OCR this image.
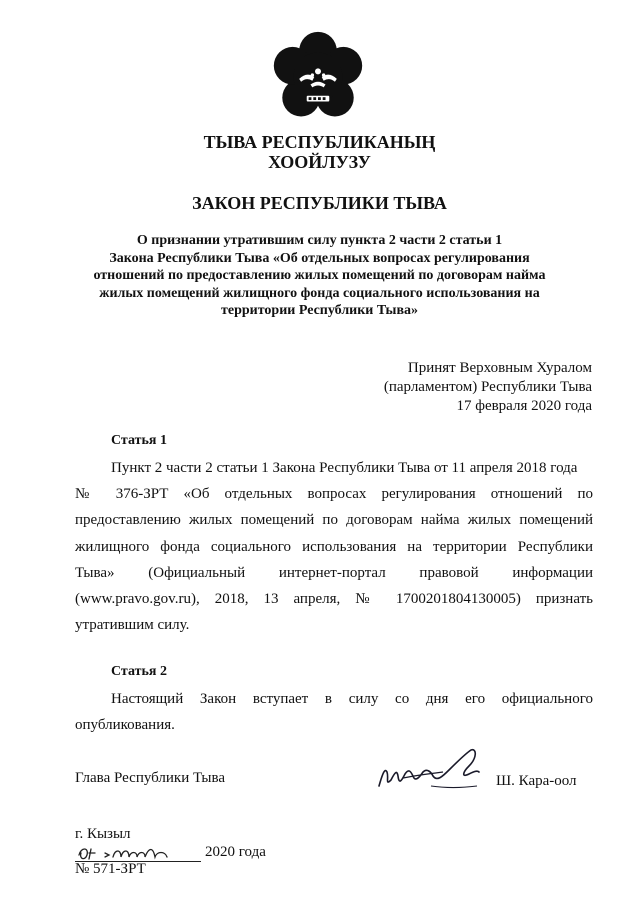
ТЫВА РЕСПУБЛИКАНЫҢ
ХООЙЛУЗУ
ЗАКОН РЕСПУБЛИКИ ТЫВА
О признании утратившим силу пункта 2 части 2 статьи 1
Закона Республики Тыва «Об отдельных вопросах регулирования
отношений по предоставлению жилых помещений по договорам найма
жилых помещений жилищного фонда социального использования на
территории Республики Тыва»
Принят Верховным Хуралом
(парламентом) Республики Тыва
17 февраля 2020 года
Статья 1
Пункт 2 части 2 статьи 1 Закона Республики Тыва от 11 апреля 2018 года
№ 376-ЗРТ «Об отдельных вопросах регулирования отношений по
предоставлению жилых помещений по договорам найма жилых помещений
жилищного фонда социального использования на территории Республики
Тыва» (Официальный интернет-портал правовой информации
(www.pravo.gov.ru), 2018, 13 апреля, № 1700201804130005) признать
утратившим силу.
Статья 2
Настоящий Закон вступает в силу со дня его официального
опубликования.
Глава Республики Тыва	Ш. Кара-оол
г. Кызыл
2020 года
№ 571-ЗРТ
